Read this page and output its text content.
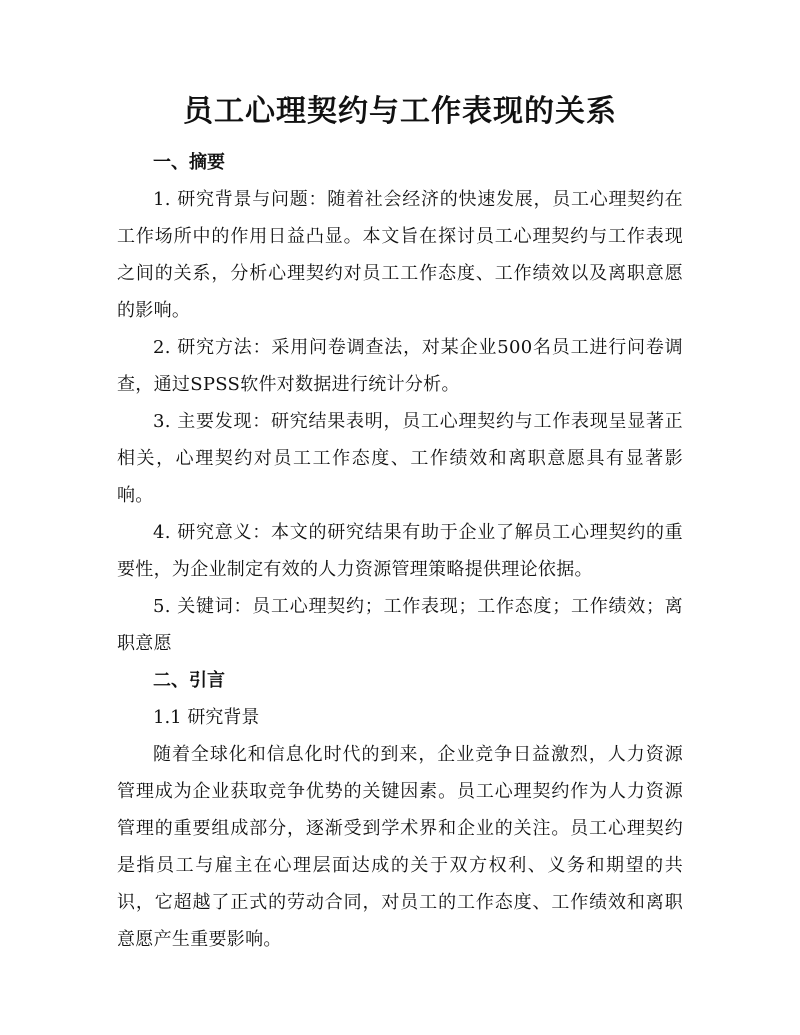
员工心理契约与工作表现的关系
一、摘要

1. 研究背景与问题：随着社会经济的快速发展，员工心理契约在工作场所中的作用日益凸显。本文旨在探讨员工心理契约与工作表现之间的关系，分析心理契约对员工工作态度、工作绩效以及离职意愿的影响。

2. 研究方法：采用问卷调查法，对某企业500名员工进行问卷调查，通过SPSS软件对数据进行统计分析。

3. 主要发现：研究结果表明，员工心理契约与工作表现呈显著正相关，心理契约对员工工作态度、工作绩效和离职意愿具有显著影响。

4. 研究意义：本文的研究结果有助于企业了解员工心理契约的重要性，为企业制定有效的人力资源管理策略提供理论依据。

5. 关键词：员工心理契约；工作表现；工作态度；工作绩效；离职意愿

二、引言
1.1 研究背景

随着全球化和信息化时代的到来，企业竞争日益激烈，人力资源管理成为企业获取竞争优势的关键因素。员工心理契约作为人力资源管理的重要组成部分，逐渐受到学术界和企业的关注。员工心理契约是指员工与雇主在心理层面达成的关于双方权利、义务和期望的共识，它超越了正式的劳动合同，对员工的工作态度、工作绩效和离职意愿产生重要影响。
